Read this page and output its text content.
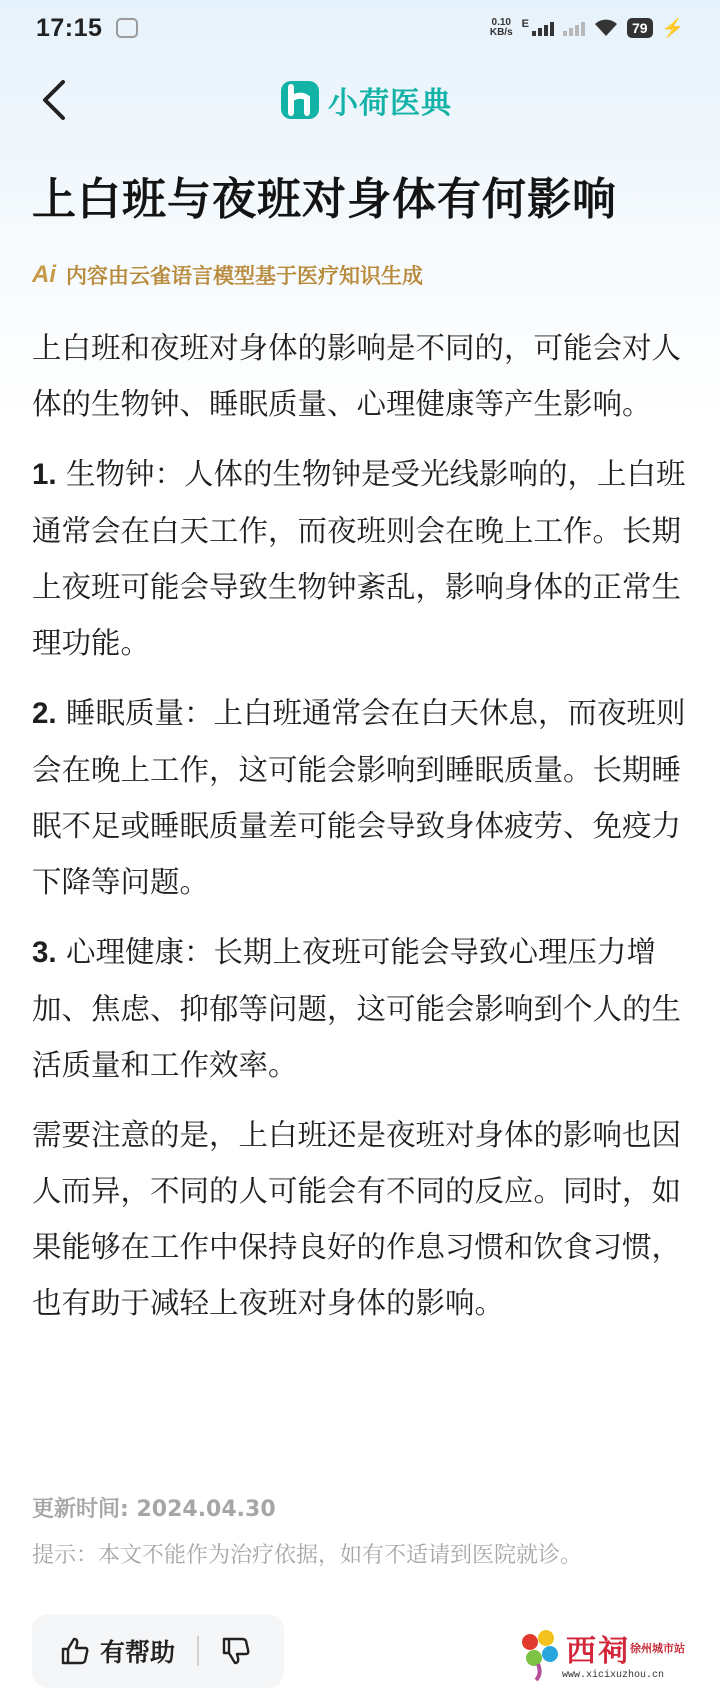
17:15	0.10
KB/s
E	79 ⚡
小荷医典
上白班与夜班对身体有何影响
Ai 内容由云雀语言模型基于医疗知识生成

上白班和夜班对身体的影响是不同的，可能会对人体的生物钟、睡眠质量、心理健康等产生影响。

1. 生物钟：人体的生物钟是受光线影响的，上白班通常会在白天工作，而夜班则会在晚上工作。长期上夜班可能会导致生物钟紊乱，影响身体的正常生理功能。

2. 睡眠质量：上白班通常会在白天休息，而夜班则会在晚上工作，这可能会影响到睡眠质量。长期睡眠不足或睡眠质量差可能会导致身体疲劳、免疫力下降等问题。

3. 心理健康：长期上夜班可能会导致心理压力增加、焦虑、抑郁等问题，这可能会影响到个人的生活质量和工作效率。

需要注意的是，上白班还是夜班对身体的影响也因人而异，不同的人可能会有不同的反应。同时，如果能够在工作中保持良好的作息习惯和饮食习惯，也有助于减轻上夜班对身体的影响。

更新时间: 2024.04.30
提示：本文不能作为治疗依据，如有不适请到医院就诊。
有帮助	西祠 徐州城市站
www.xicixuzhou.cn
